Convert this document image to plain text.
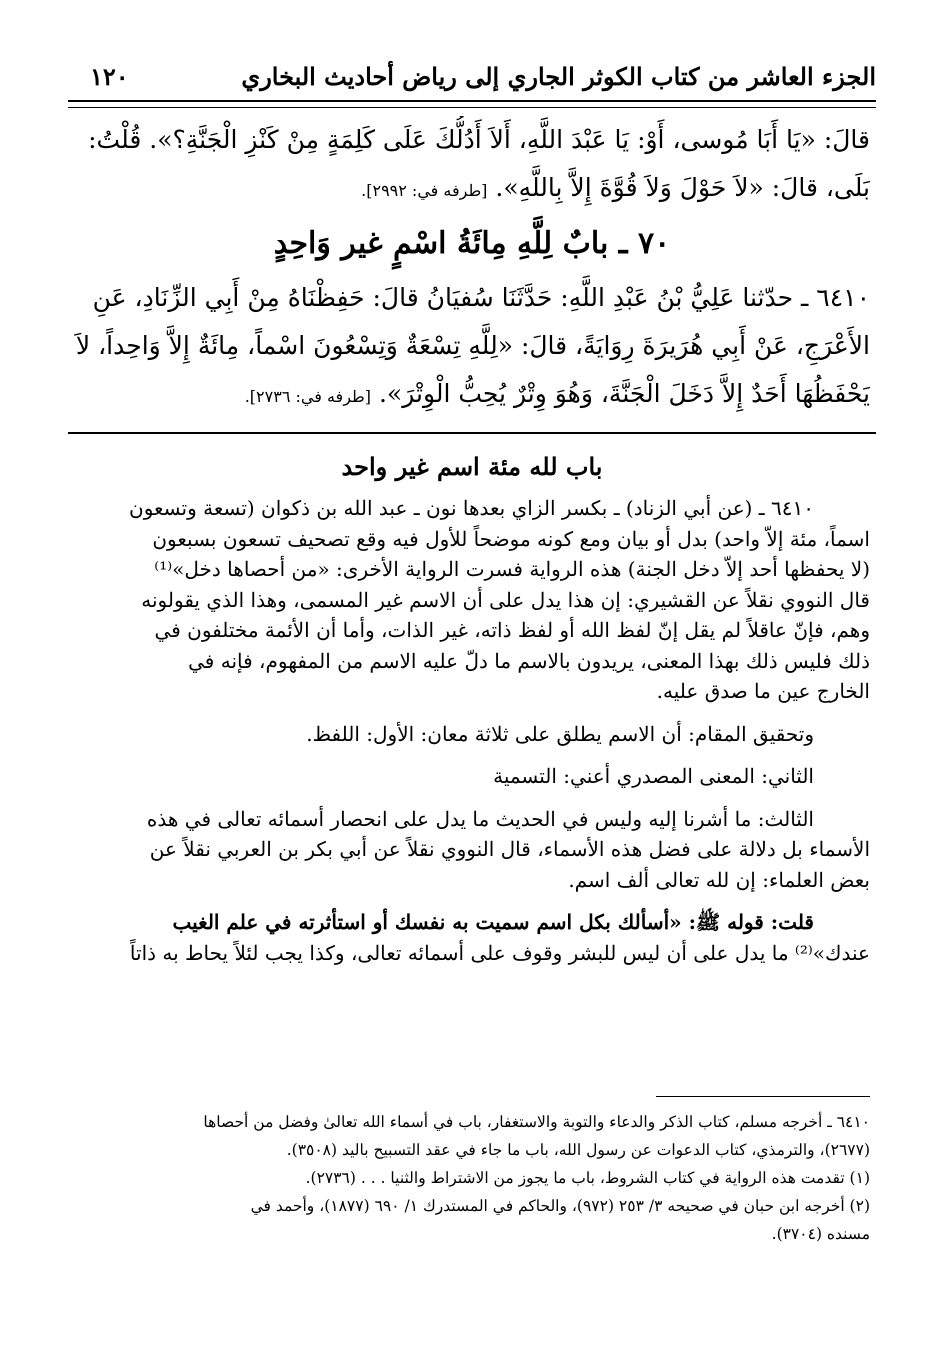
الجزء العاشر من كتاب الكوثر الجاري إلى رياض أحاديث البخاري
١٢٠
قالَ: «يَا أَبَا مُوسى، أَوْ: يَا عَبْدَ اللَّهِ، أَلاَ أَدُلُّكَ عَلَى كَلِمَةٍ مِنْ كَنْزِ الْجَنَّةِ؟». قُلْتُ:
بَلَى، قالَ: «لاَ حَوْلَ وَلاَ قُوَّةَ إِلاَّ بِاللَّهِ». [طرفه في: ٢٩٩٢].
٧٠ ـ بابٌ لِلَّهِ مِائَةُ اسْمٍ غير وَاحِدٍ
٦٤١٠ ـ حدّثنا عَلِيُّ بْنُ عَبْدِ اللَّهِ: حَدَّثَنَا سُفيَانُ قالَ: حَفِظْنَاهُ مِنْ أَبِي الزِّنَادِ، عَنِ
الأَعْرَجِ، عَنْ أَبِي هُرَيرَةَ رِوَايَةً، قالَ: «لِلَّهِ تِسْعَةٌ وَتِسْعُونَ اسْماً، مِائَةٌ إِلاَّ وَاحِداً، لاَ
يَحْفَظُهَا أَحَدٌ إِلاَّ دَخَلَ الْجَنَّةَ، وَهُوَ وِتْرٌ يُحِبُّ الْوِتْرَ». [طرفه في: ٢٧٣٦].
باب لله مئة اسم غير واحد
٦٤١٠ ـ (عن أبي الزناد) ـ بكسر الزاي بعدها نون ـ عبد الله بن ذكوان (تسعة وتسعون
اسماً، مئة إلاّ واحد) بدل أو بيان ومع كونه موضحاً للأول فيه وقع تصحيف تسعون بسبعون
(لا يحفظها أحد إلاّ دخل الجنة) هذه الرواية فسرت الرواية الأخرى: «من أحصاها دخل»⁽¹⁾
قال النووي نقلاً عن القشيري: إن هذا يدل على أن الاسم غير المسمى، وهذا الذي يقولونه
وهم، فإنّ عاقلاً لم يقل إنّ لفظ الله أو لفظ ذاته، غير الذات، وأما أن الأئمة مختلفون في
ذلك فليس ذلك بهذا المعنى، يريدون بالاسم ما دلّ عليه الاسم من المفهوم، فإنه في
الخارج عين ما صدق عليه.
وتحقيق المقام: أن الاسم يطلق على ثلاثة معان: الأول: اللفظ.
الثاني: المعنى المصدري أعني: التسمية
الثالث: ما أشرنا إليه وليس في الحديث ما يدل على انحصار أسمائه تعالى في هذه
الأسماء بل دلالة على فضل هذه الأسماء، قال النووي نقلاً عن أبي بكر بن العربي نقلاً عن
بعض العلماء: إن لله تعالى ألف اسم.
قلت: قوله ﷺ: «أسألك بكل اسم سميت به نفسك أو استأثرته في علم الغيب
عندك»⁽²⁾ ما يدل على أن ليس للبشر وقوف على أسمائه تعالى، وكذا يجب لئلاً يحاط به ذاتاً
٦٤١٠ ـ أخرجه مسلم، كتاب الذكر والدعاء والتوبة والاستغفار، باب في أسماء الله تعالىٰ وفضل من أحصاها
(٢٦٧٧)، والترمذي، كتاب الدعوات عن رسول الله، باب ما جاء في عقد التسبيح باليد (٣٥٠٨).
(١) تقدمت هذه الرواية في كتاب الشروط، باب ما يجوز من الاشتراط والثنيا . . . (٢٧٣٦).
(٢) أخرجه ابن حبان في صحيحه ٣/ ٢٥٣ (٩٧٢)، والحاكم في المستدرك ١/ ٦٩٠ (١٨٧٧)، وأحمد في
مسنده (٣٧٠٤).
